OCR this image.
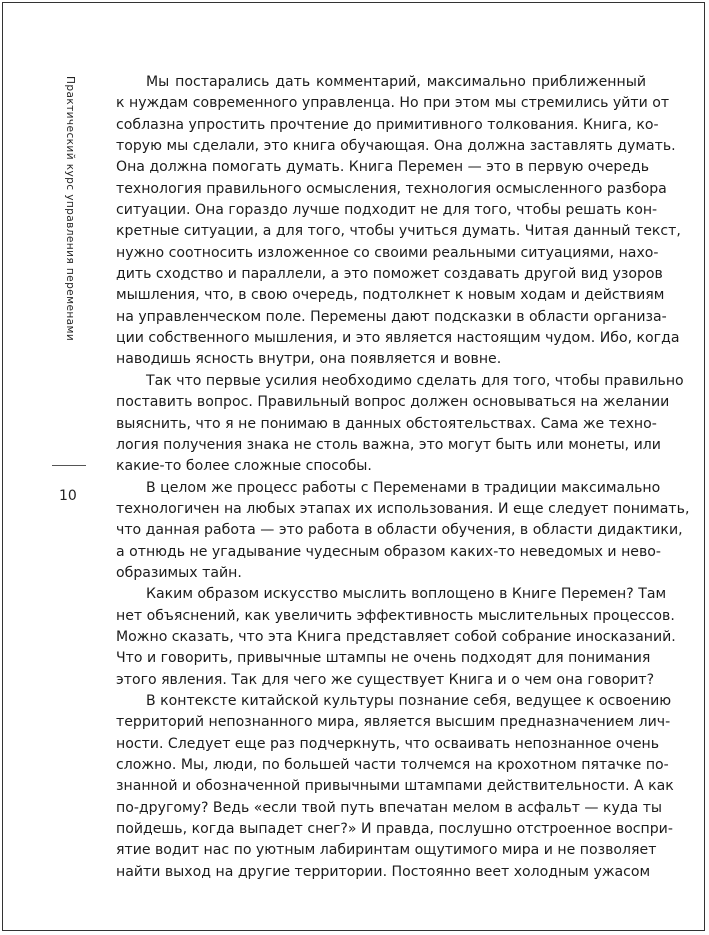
Практический курс управления переменами
10

Мы постарались дать комментарий, максимально приближенный
к нуждам современного управленца. Но при этом мы стремились уйти от
соблазна упростить прочтение до примитивного толкования. Книга, ко-
торую мы сделали, это книга обучающая. Она должна заставлять думать.
Она должна помогать думать. Книга Перемен — это в первую очередь
технология правильного осмысления, технология осмысленного разбора
ситуации. Она гораздо лучше подходит не для того, чтобы решать кон-
кретные ситуации, а для того, чтобы учиться думать. Читая данный текст,
нужно соотносить изложенное со своими реальными ситуациями, нахо-
дить сходство и параллели, а это поможет создавать другой вид узоров
мышления, что, в свою очередь, подтолкнет к новым ходам и действиям
на управленческом поле. Перемены дают подсказки в области организа-
ции собственного мышления, и это является настоящим чудом. Ибо, когда
наводишь ясность внутри, она появляется и вовне.

Так что первые усилия необходимо сделать для того, чтобы правильно
поставить вопрос. Правильный вопрос должен основываться на желании
выяснить, что я не понимаю в данных обстоятельствах. Сама же техно-
логия получения знака не столь важна, это могут быть или монеты, или
какие-то более сложные способы.

В целом же процесс работы с Переменами в традиции максимально
технологичен на любых этапах их использования. И еще следует понимать,
что данная работа — это работа в области обучения, в области дидактики,
а отнюдь не угадывание чудесным образом каких-то неведомых и нево-
образимых тайн.

Каким образом искусство мыслить воплощено в Книге Перемен? Там
нет объяснений, как увеличить эффективность мыслительных процессов.
Можно сказать, что эта Книга представляет собой собрание иносказаний.
Что и говорить, привычные штампы не очень подходят для понимания
этого явления. Так для чего же существует Книга и о чем она говорит?

В контексте китайской культуры познание себя, ведущее к освоению
территорий непознанного мира, является высшим предназначением лич-
ности. Следует еще раз подчеркнуть, что осваивать непознанное очень
сложно. Мы, люди, по большей части толчемся на крохотном пятачке по-
знанной и обозначенной привычными штампами действительности. А как
по-другому? Ведь «если твой путь впечатан мелом в асфальт — куда ты
пойдешь, когда выпадет снег?» И правда, послушно отстроенное воспри-
ятие водит нас по уютным лабиринтам ощутимого мира и не позволяет
найти выход на другие территории. Постоянно веет холодным ужасом
